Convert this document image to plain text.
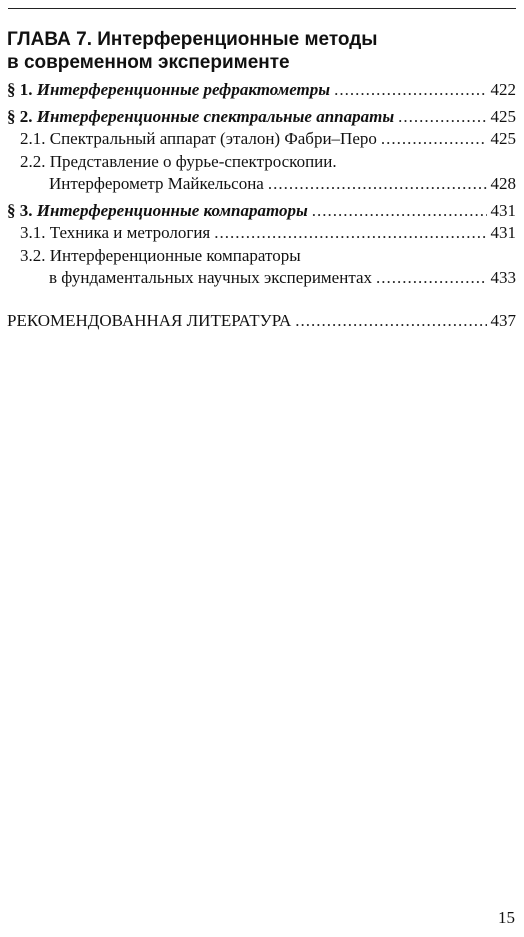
ГЛАВА 7. Интерференционные методы
в современном эксперименте
§ 1. Интерференционные рефрактометры .....	422
§ 2. Интерференционные спектральные аппараты .....	425
2.1. Спектральный аппарат (эталон) Фабри–Перо .....	425
2.2. Представление о фурье-спектроскопии.
Интерферометр Майкельсона .....	428
§ 3. Интерференционные компараторы .....	431
3.1. Техника и метрология .....	431
3.2. Интерференционные компараторы
в фундаментальных научных экспериментах .....	433
РЕКОМЕНДОВАННАЯ ЛИТЕРАТУРА .....	437
15
